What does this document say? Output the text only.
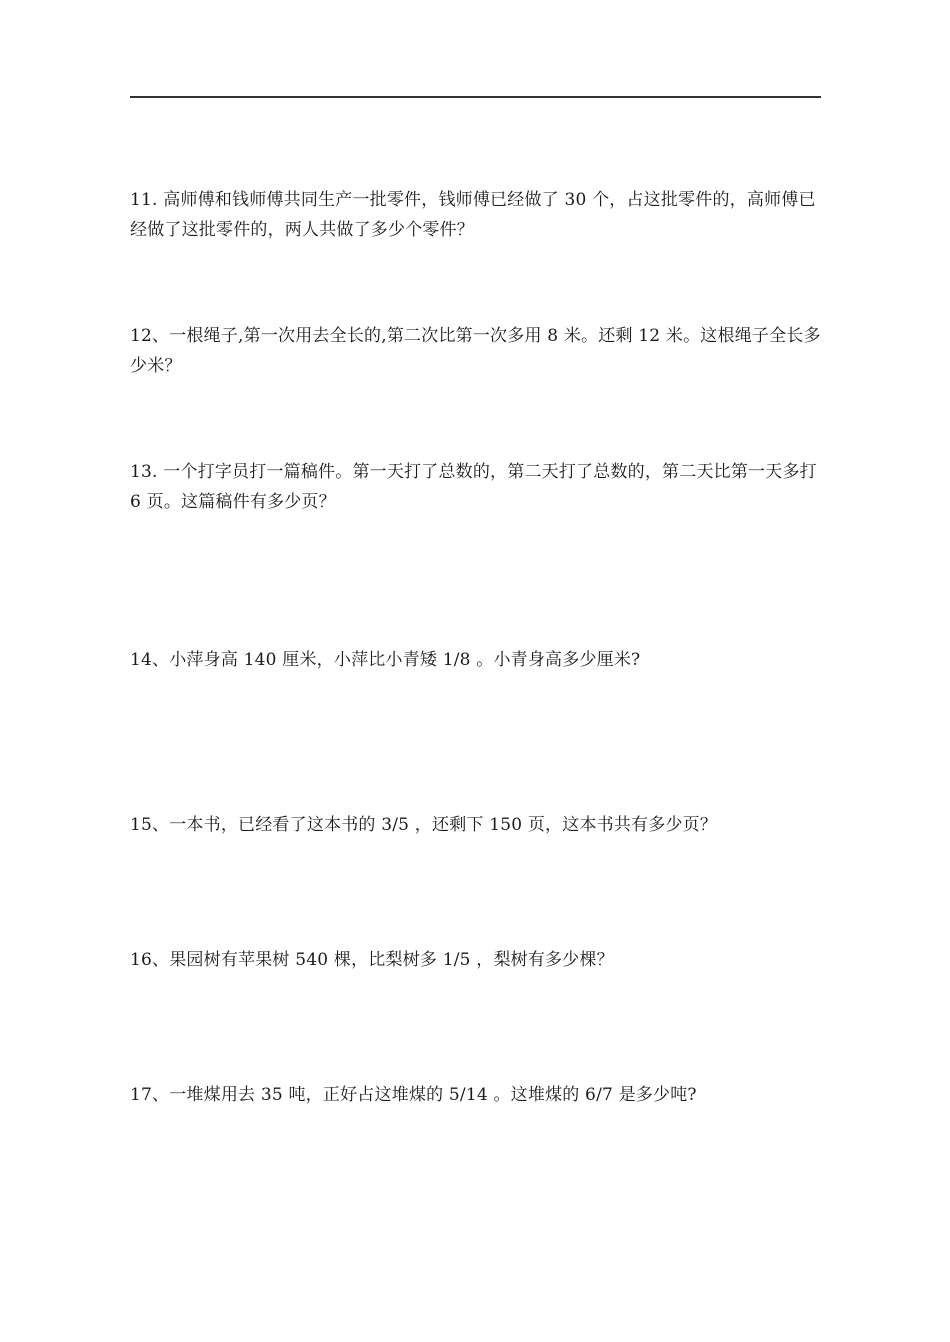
11. 高师傅和钱师傅共同生产一批零件，钱师傅已经做了 30 个，占这批零件的，高师傅已经做了这批零件的，两人共做了多少个零件？

12、一根绳子,第一次用去全长的,第二次比第一次多用 8 米。还剩 12 米。这根绳子全长多少米？

13. 一个打字员打一篇稿件。第一天打了总数的，第二天打了总数的，第二天比第一天多打 6 页。这篇稿件有多少页？

14、小萍身高 140 厘米，小萍比小青矮 1/8 。小青身高多少厘米?

15、一本书，已经看了这本书的 3/5 ，还剩下 150 页，这本书共有多少页？

16、果园树有苹果树 540 棵，比梨树多 1/5 ，梨树有多少棵？

17、一堆煤用去 35 吨，正好占这堆煤的 5/14 。这堆煤的 6/7 是多少吨?
